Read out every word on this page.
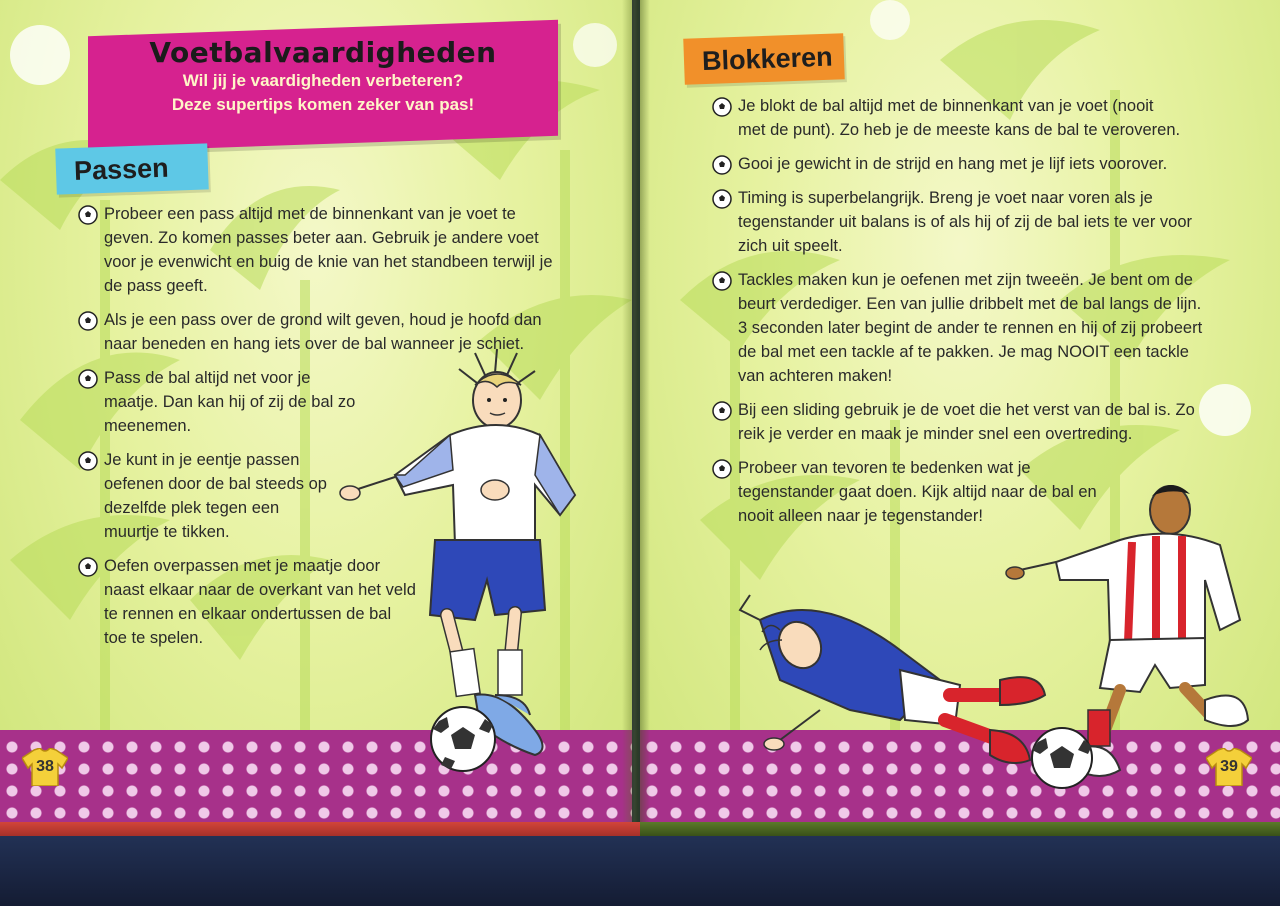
Voetbalvaardigheden
Wil jij je vaardigheden verbeteren?
Deze supertips komen zeker van pas!
Passen
Blokkeren
Probeer een pass altijd met de binnenkant van je voet te geven. Zo komen passes beter aan. Gebruik je andere voet voor je evenwicht en buig de knie van het standbeen terwijl je de pass geeft.
Als je een pass over de grond wilt geven, houd je hoofd dan naar beneden en hang iets over de bal wanneer je schiet.
Pass de bal altijd net voor je maatje. Dan kan hij of zij de bal zo meenemen.
Je kunt in je eentje passen oefenen door de bal steeds op dezelfde plek tegen een muurtje te tikken.
Oefen overpassen met je maatje door naast elkaar naar de overkant van het veld te rennen en elkaar ondertussen de bal toe te spelen.
Je blokt de bal altijd met de binnenkant van je voet (nooit met de punt). Zo heb je de meeste kans de bal te veroveren.
Gooi je gewicht in de strijd en hang met je lijf iets voorover.
Timing is superbelangrijk. Breng je voet naar voren als je tegenstander uit balans is of als hij of zij de bal iets te ver voor zich uit speelt.
Tackles maken kun je oefenen met zijn tweeën. Je bent om de beurt verdediger. Een van jullie dribbelt met de bal langs de lijn. 3 seconden later begint de ander te rennen en hij of zij probeert de bal met een tackle af te pakken. Je mag NOOIT een tackle van achteren maken!
Bij een sliding gebruik je de voet die het verst van de bal is. Zo reik je verder en maak je minder snel een overtreding.
Probeer van tevoren te bedenken wat je tegenstander gaat doen. Kijk altijd naar de bal en nooit alleen naar je tegenstander!
38	39
